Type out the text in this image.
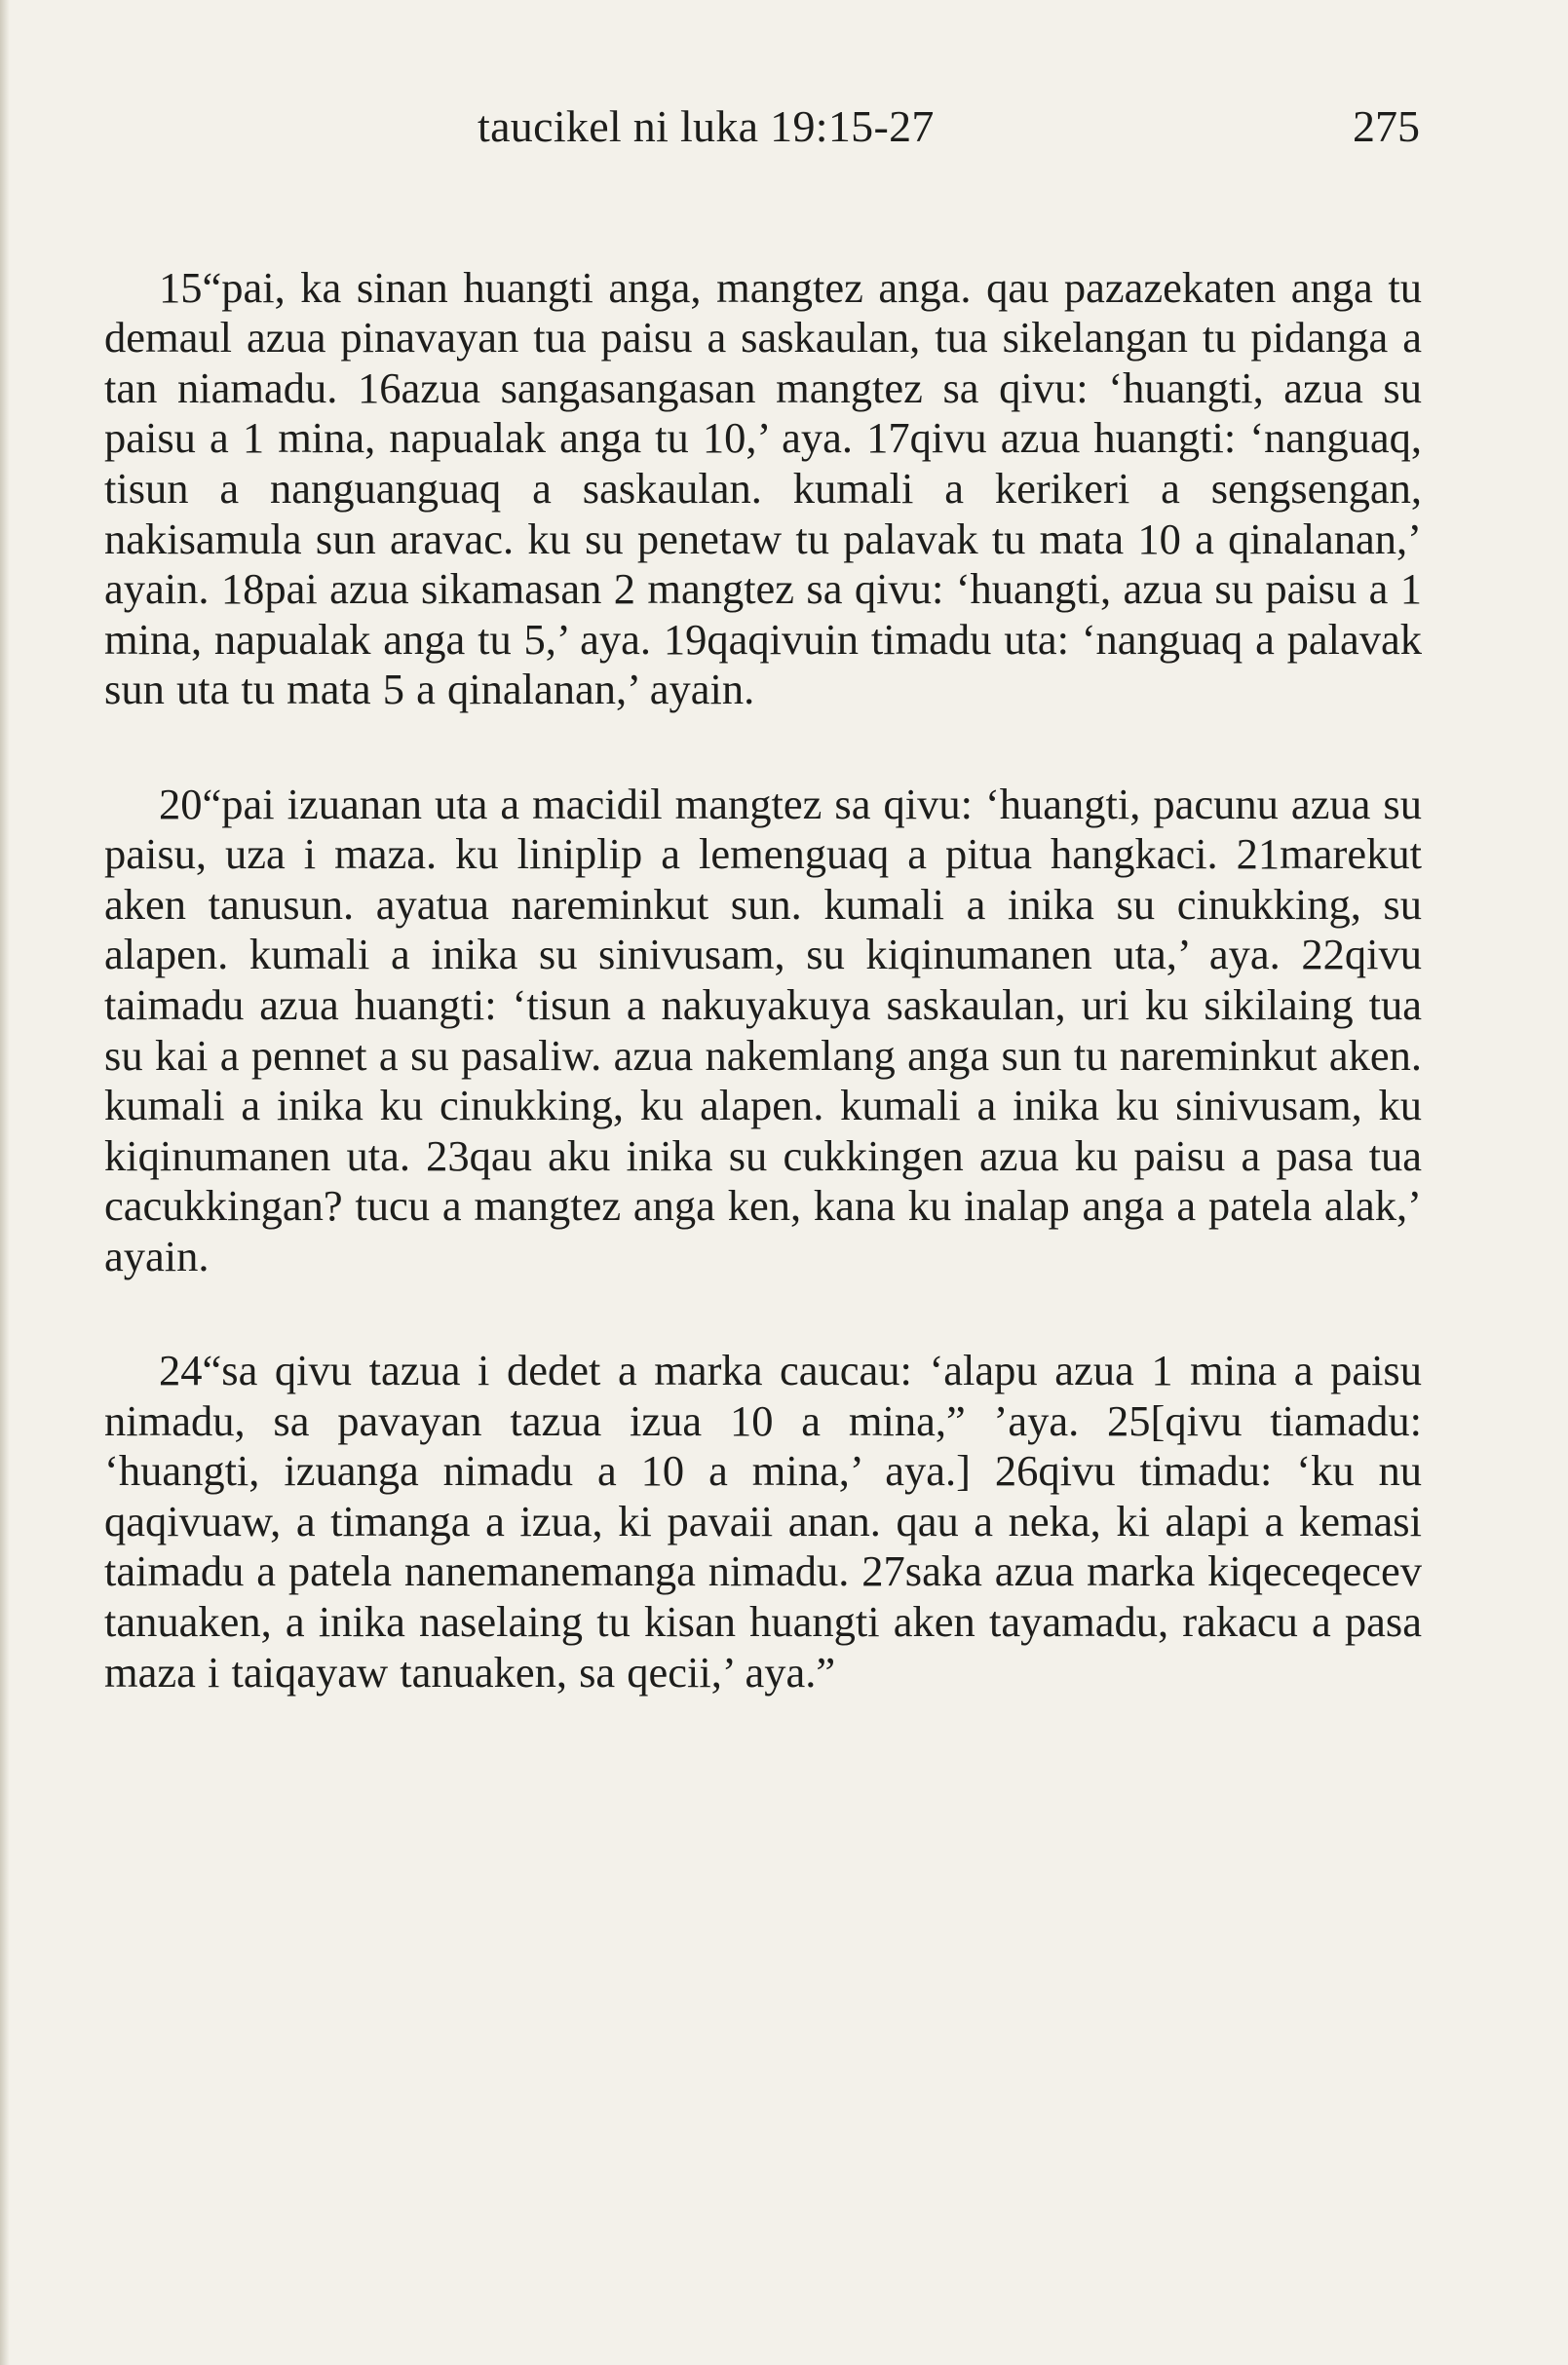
taucikel ni luka 19:15-27	275

15“pai, ka sinan huangti anga, mangtez anga. qau pazazekaten anga tu demaul azua pinavayan tua paisu a saskaulan, tua sikelangan tu pidanga a tan niamadu. 16azua sangasangasan mangtez sa qivu: ‘huangti, azua su paisu a 1 mina, napualak anga tu 10,’ aya. 17qivu azua huangti: ‘nanguaq, tisun a nanguanguaq a saskaulan. kumali a kerikeri a sengsengan, nakisamula sun aravac. ku su penetaw tu palavak tu mata 10 a qinalanan,’ ayain. 18pai azua sikamasan 2 mangtez sa qivu: ‘huangti, azua su paisu a 1 mina, napualak anga tu 5,’ aya. 19qaqivuin timadu uta: ‘nanguaq a palavak sun uta tu mata 5 a qinalanan,’ ayain.

20“pai izuanan uta a macidil mangtez sa qivu: ‘huangti, pacunu azua su paisu, uza i maza. ku liniplip a lemenguaq a pitua hangkaci. 21marekut aken tanusun. ayatua nareminkut sun. kumali a inika su cinukking, su alapen. kumali a inika su sinivusam, su kiqinumanen uta,’ aya. 22qivu taimadu azua huangti: ‘tisun a nakuyakuya saskaulan, uri ku sikilaing tua su kai a pennet a su pasaliw. azua nakemlang anga sun tu nareminkut aken. kumali a inika ku cinukking, ku alapen. kumali a inika ku sinivusam, ku kiqinumanen uta. 23qau aku inika su cukkingen azua ku paisu a pasa tua cacukkingan? tucu a mangtez anga ken, kana ku inalap anga a patela alak,’ ayain.

24“sa qivu tazua i dedet a marka caucau: ‘alapu azua 1 mina a paisu nimadu, sa pavayan tazua izua 10 a mina,” ’aya. 25[qivu tiamadu: ‘huangti, izuanga nimadu a 10 a mina,’ aya.] 26qivu timadu: ‘ku nu qaqivuaw, a timanga a izua, ki pavaii anan. qau a neka, ki alapi a kemasi taimadu a patela nanemanemanga nimadu. 27saka azua marka kiqeceqecev tanuaken, a inika naselaing tu kisan huangti aken tayamadu, rakacu a pasa maza i taiqayaw tanuaken, sa qecii,’ aya.”
